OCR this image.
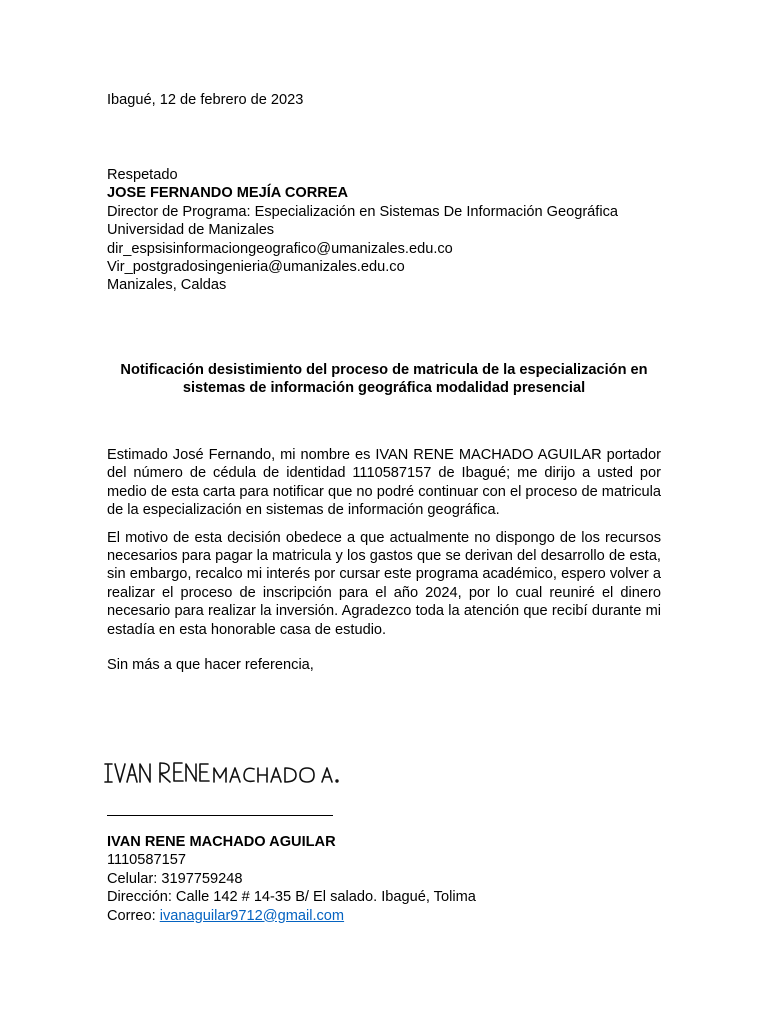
Ibagué, 12 de febrero de 2023
Respetado
JOSE FERNANDO MEJÍA CORREA
Director de Programa: Especialización en Sistemas De Información Geográfica
Universidad de Manizales
dir_espsisinformaciongeografico@umanizales.edu.co
Vir_postgradosingenieria@umanizales.edu.co
Manizales, Caldas
Notificación desistimiento del proceso de matricula de la especialización en sistemas de información geográfica modalidad presencial

Estimado José Fernando, mi nombre es IVAN RENE MACHADO AGUILAR portador del número de cédula de identidad 1110587157 de Ibagué; me dirijo a usted por medio de esta carta para notificar que no podré continuar con el proceso de matricula de la especialización en sistemas de información geográfica.

El motivo de esta decisión obedece a que actualmente no dispongo de los recursos necesarios para pagar la matricula y los gastos que se derivan del desarrollo de esta, sin embargo, recalco mi interés por cursar este programa académico, espero volver a realizar el proceso de inscripción para el año 2024, por lo cual reuniré el dinero necesario para realizar la inversión. Agradezco toda la atención que recibí durante mi estadía en esta honorable casa de estudio.

Sin más a que hacer referencia,
IVAN RENE MACHADO AGUILAR
1110587157
Celular: 3197759248
Dirección: Calle 142 # 14-35 B/ El salado. Ibagué, Tolima
Correo: ivanaguilar9712@gmail.com
